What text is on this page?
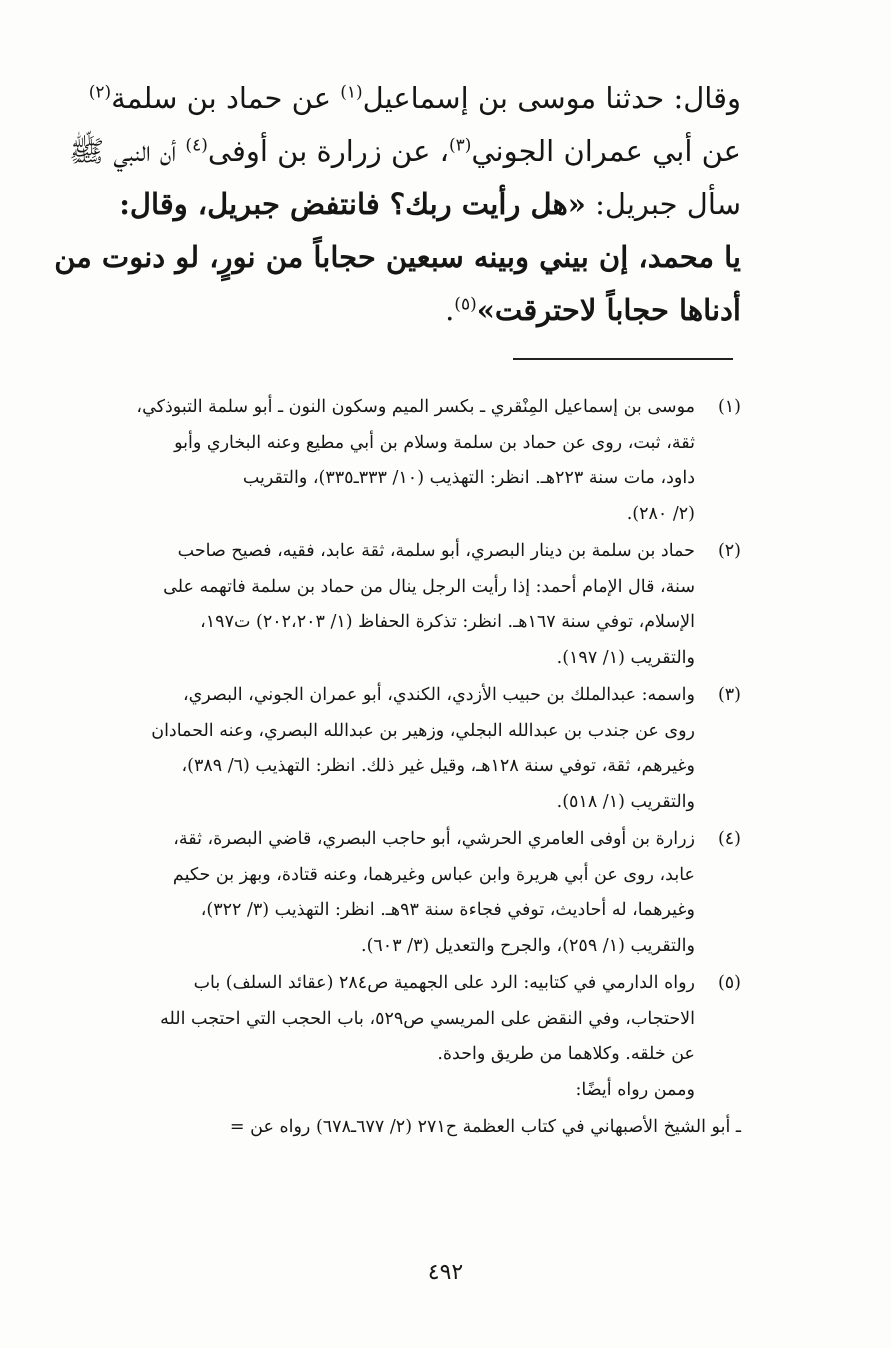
وقال: حدثنا موسى بن إسماعيل$^{(١)}$ عن حماد بن سلمة$^{(٢)}$
عن أبي عمران الجوني$^{(٣)}$، عن زرارة بن أوفى$^{(٤)}$ أن النبي ﷺ
سأل جبريل: «هل رأيت ربك؟ فانتفض جبريل، وقال:
يا محمد، إن بيني وبينه سبعين حجاباً من نورٍ، لو دنوت من
أدناها حجاباً لاحترقت»$^{(٥)}$.
(١)
موسى بن إسماعيل المِنْقري ـ بكسر الميم وسكون النون ـ أبو سلمة التبوذكي،
ثقة، ثبت، روى عن حماد بن سلمة وسلام بن أبي مطيع وعنه البخاري وأبو
داود، مات سنة ٢٢٣هـ. انظر: التهذيب (١٠/ ٣٣٣ـ٣٣٥)، والتقريب
(٢/ ٢٨٠).
(٢)
حماد بن سلمة بن دينار البصري، أبو سلمة، ثقة عابد، فقيه، فصيح صاحب
سنة، قال الإمام أحمد: إذا رأيت الرجل ينال من حماد بن سلمة فاتهمه على
الإسلام، توفي سنة ١٦٧هـ. انظر: تذكرة الحفاظ (١/ ٢٠٢،٢٠٣) ت١٩٧،
والتقريب (١/ ١٩٧).
(٣)
واسمه: عبدالملك بن حبيب الأزدي، الكندي، أبو عمران الجوني، البصري،
روى عن جندب بن عبدالله البجلي، وزهير بن عبدالله البصري، وعنه الحمادان
وغيرهم، ثقة، توفي سنة ١٢٨هـ، وقيل غير ذلك. انظر: التهذيب (٦/ ٣٨٩)،
والتقريب (١/ ٥١٨).
(٤)
زرارة بن أوفى العامري الحرشي، أبو حاجب البصري، قاضي البصرة، ثقة،
عابد، روى عن أبي هريرة وابن عباس وغيرهما، وعنه قتادة، وبهز بن حكيم
وغيرهما، له أحاديث، توفي فجاءة سنة ٩٣هـ. انظر: التهذيب (٣/ ٣٢٢)،
والتقريب (١/ ٢٥٩)، والجرح والتعديل (٣/ ٦٠٣).
(٥)
رواه الدارمي في كتابيه: الرد على الجهمية ص٢٨٤ (عقائد السلف) باب
الاحتجاب، وفي النقض على المريسي ص٥٢٩، باب الحجب التي احتجب الله
عن خلقه. وكلاهما من طريق واحدة.
وممن رواه أيضًا:
ـ أبو الشيخ الأصبهاني في كتاب العظمة ح٢٧١ (٢/ ٦٧٧ـ٦٧٨) رواه عن =
٤٩٢
